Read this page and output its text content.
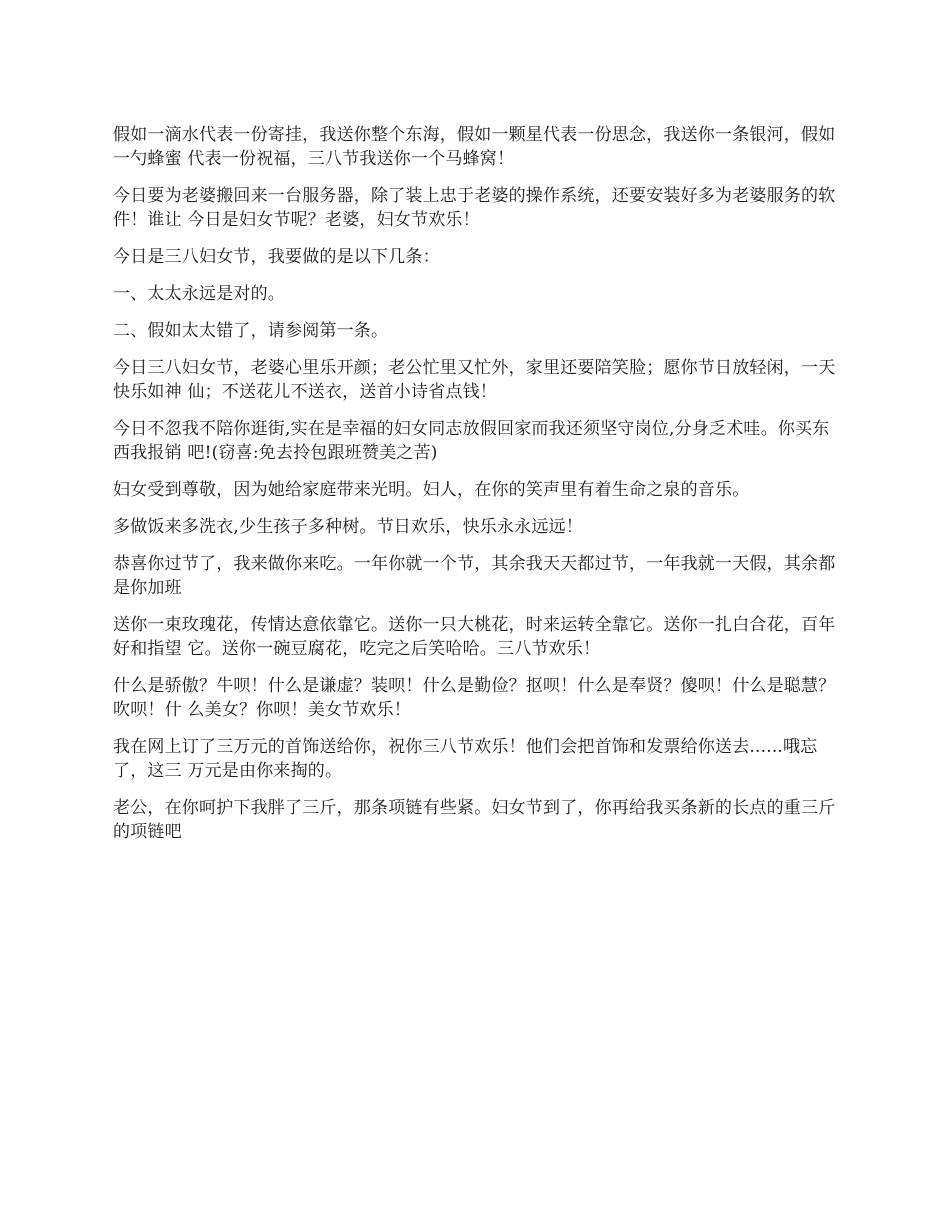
假如一滴水代表一份寄挂，我送你整个东海，假如一颗星代表一份思念，我送你一条银河，假如一勺蜂蜜 代表一份祝福，三八节我送你一个马蜂窝！

今日要为老婆搬回来一台服务器，除了装上忠于老婆的操作系统，还要安装好多为老婆服务的软件！谁让 今日是妇女节呢？老婆，妇女节欢乐！

今日是三八妇女节，我要做的是以下几条：

一、太太永远是对的。

二、假如太太错了，请参阅第一条。

今日三八妇女节，老婆心里乐开颜；老公忙里又忙外，家里还要陪笑脸；愿你节日放轻闲，一天快乐如神 仙；不送花儿不送衣，送首小诗省点钱！

今日不忽我不陪你逛街,实在是幸福的妇女同志放假回家而我还须坚守岗位,分身乏术哇。你买东西我报销 吧!(窃喜:免去拎包跟班赞美之苦)

妇女受到尊敬，因为她给家庭带来光明。妇人，在你的笑声里有着生命之泉的音乐。

多做饭来多洗衣,少生孩子多种树。节日欢乐，快乐永永远远！

恭喜你过节了，我来做你来吃。一年你就一个节，其余我天天都过节，一年我就一天假，其余都是你加班

送你一束玫瑰花，传情达意依靠它。送你一只大桃花，时来运转全靠它。送你一扎白合花，百年好和指望 它。送你一碗豆腐花，吃完之后笑哈哈。三八节欢乐！

什么是骄傲？牛呗！什么是谦虚？装呗！什么是勤俭？抠呗！什么是奉贤？傻呗！什么是聪慧？吹呗！什 么美女？你呗！美女节欢乐！

我在网上订了三万元的首饰送给你，祝你三八节欢乐！他们会把首饰和发票给你送去......哦忘了，这三 万元是由你来掏的。

老公，在你呵护下我胖了三斤，那条项链有些紧。妇女节到了，你再给我买条新的长点的重三斤的项链吧
